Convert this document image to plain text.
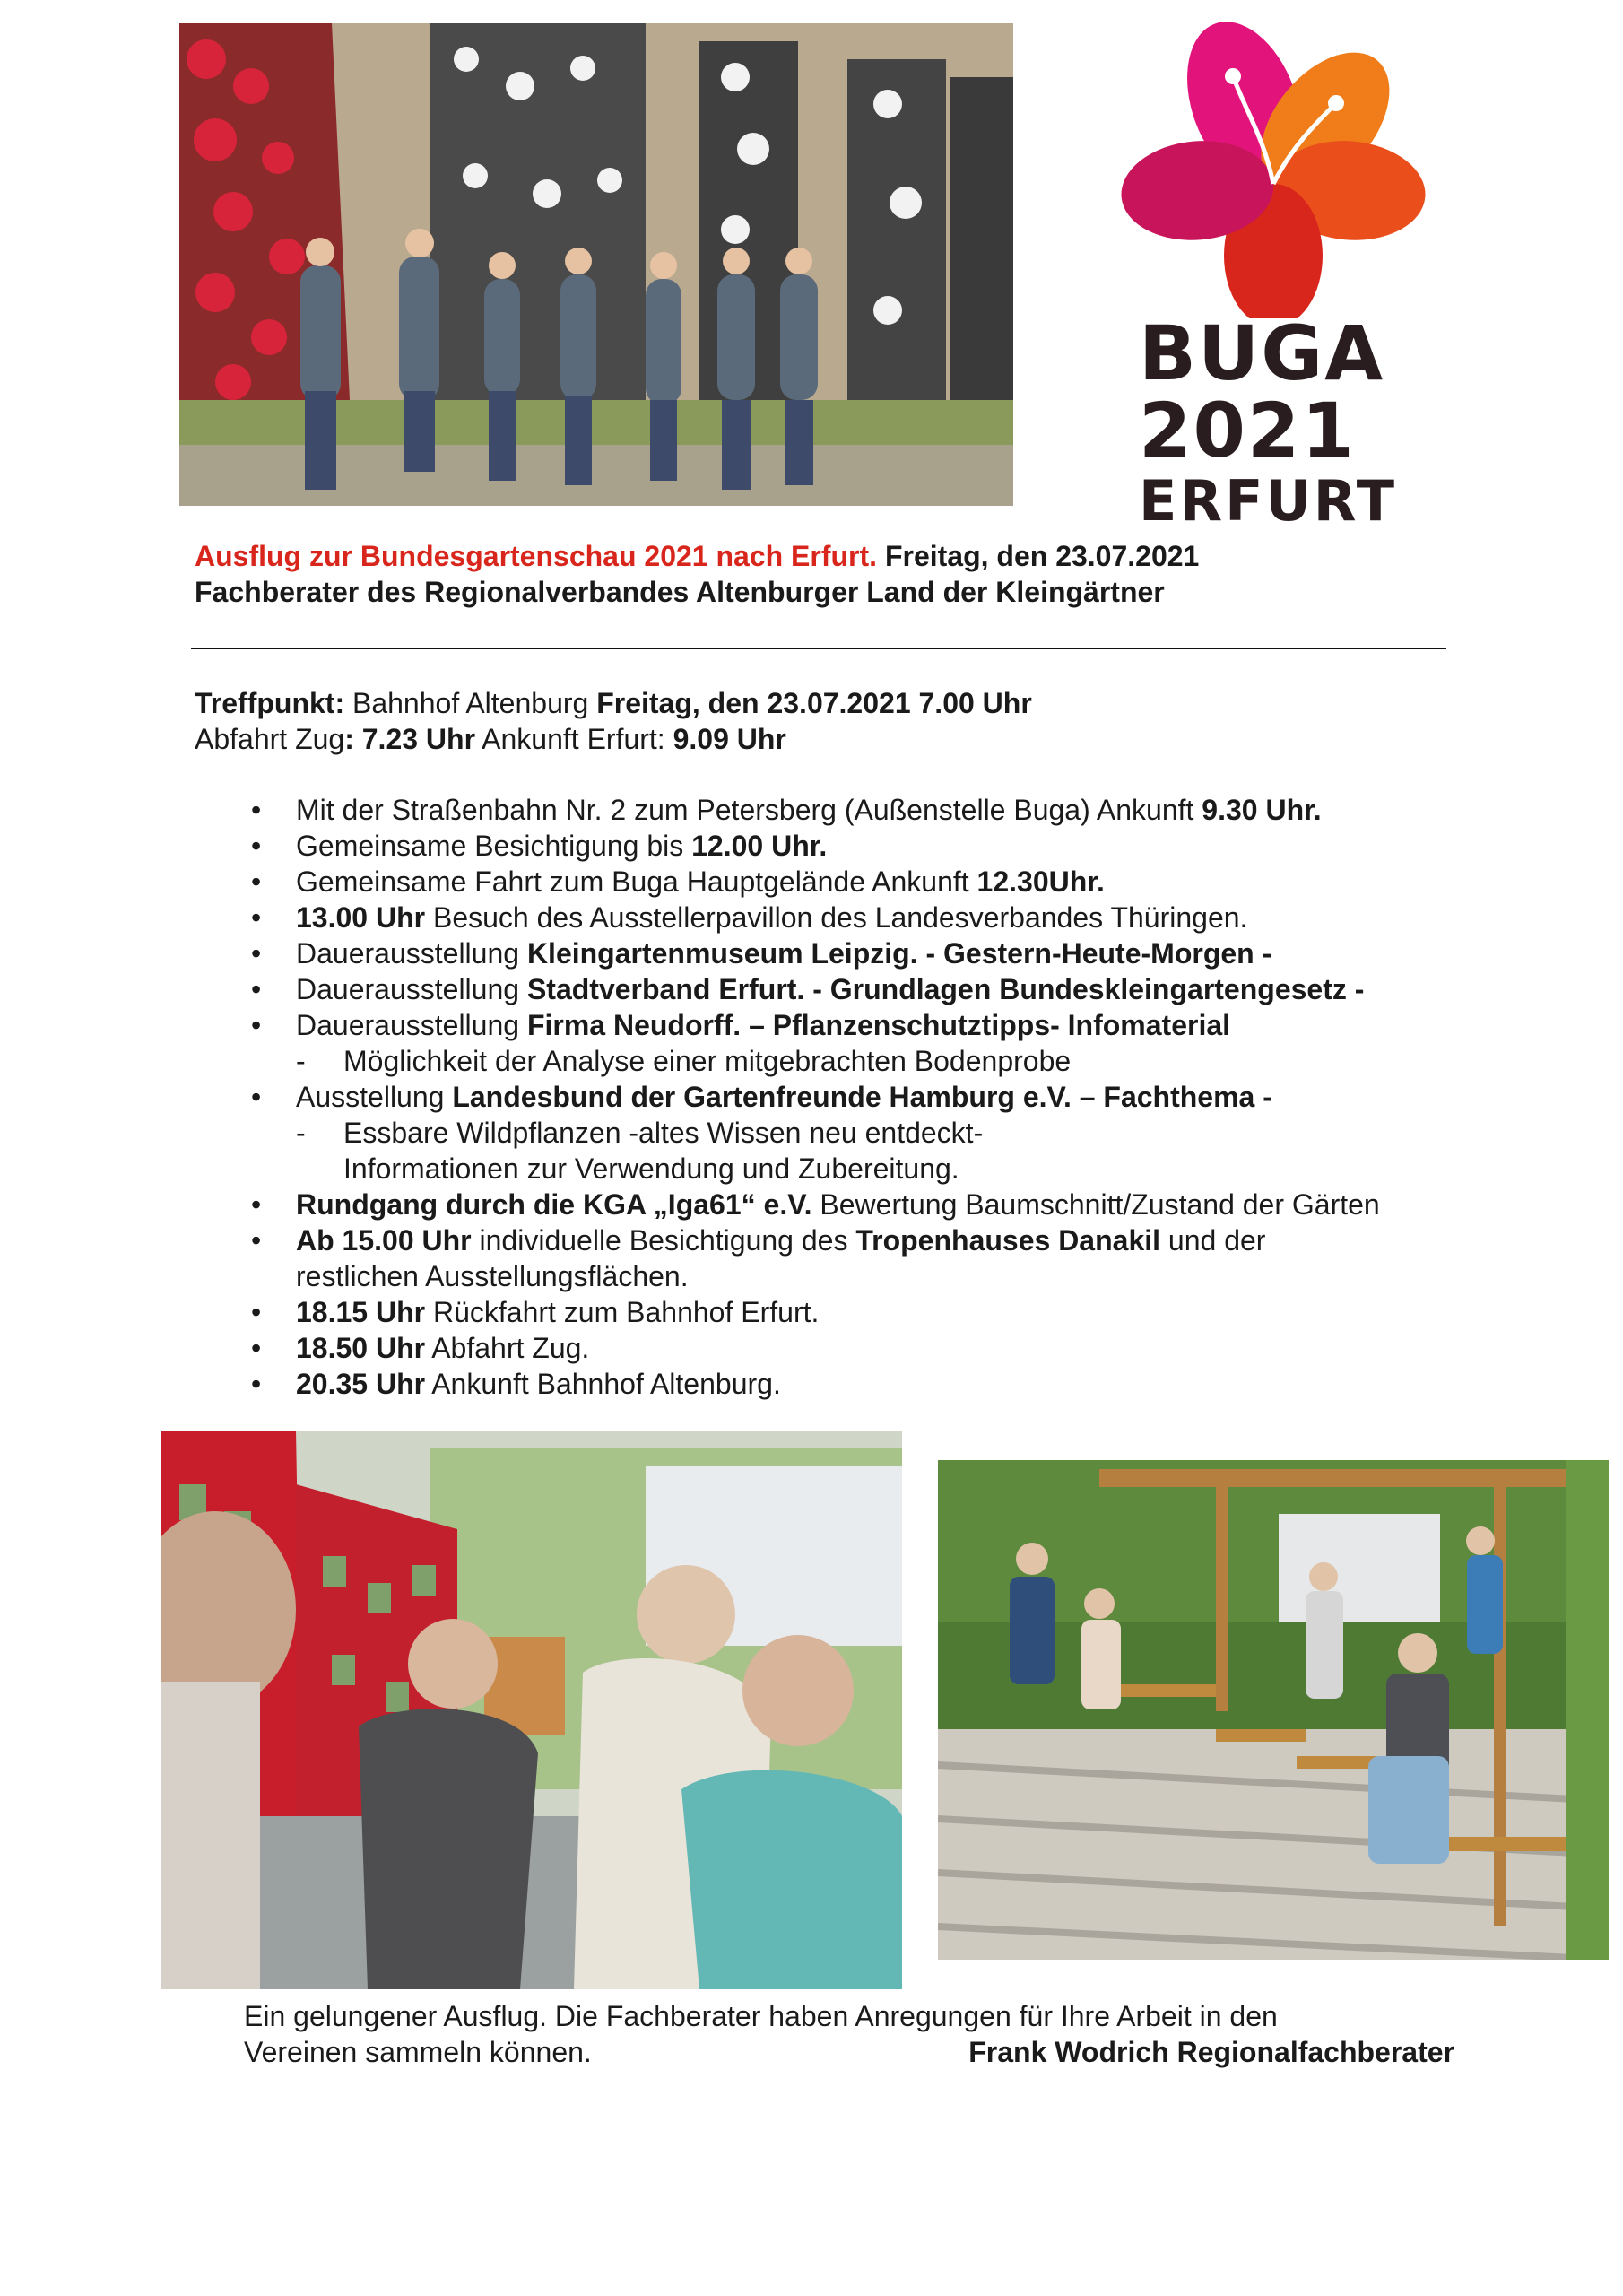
BUGA
2021
ERFURT
Ausflug zur Bundesgartenschau 2021 nach Erfurt. Freitag, den 23.07.2021
Fachberater des Regionalverbandes Altenburger Land der Kleingärtner
Treffpunkt: Bahnhof Altenburg Freitag, den 23.07.2021 7.00 Uhr
Abfahrt Zug: 7.23 Uhr Ankunft Erfurt: 9.09 Uhr
• Mit der Straßenbahn Nr. 2 zum Petersberg (Außenstelle Buga) Ankunft 9.30 Uhr.
• Gemeinsame Besichtigung bis 12.00 Uhr.
• Gemeinsame Fahrt zum Buga Hauptgelände Ankunft 12.30Uhr.
• 13.00 Uhr Besuch des Ausstellerpavillon des Landesverbandes Thüringen.
• Dauerausstellung Kleingartenmuseum Leipzig. - Gestern-Heute-Morgen -
• Dauerausstellung Stadtverband Erfurt. - Grundlagen Bundeskleingartengesetz -
• Dauerausstellung Firma Neudorff. – Pflanzenschutztipps- Infomaterial
- Möglichkeit der Analyse einer mitgebrachten Bodenprobe
• Ausstellung Landesbund der Gartenfreunde Hamburg e.V. – Fachthema -
- Essbare Wildpflanzen -altes Wissen neu entdeckt-
Informationen zur Verwendung und Zubereitung.
• Rundgang durch die KGA „Iga61“ e.V. Bewertung Baumschnitt/Zustand der Gärten
• Ab 15.00 Uhr individuelle Besichtigung des Tropenhauses Danakil und der
restlichen Ausstellungsflächen.
• 18.15 Uhr Rückfahrt zum Bahnhof Erfurt.
• 18.50 Uhr Abfahrt Zug.
• 20.35 Uhr Ankunft Bahnhof Altenburg.
Ein gelungener Ausflug. Die Fachberater haben Anregungen für Ihre Arbeit in den
Vereinen sammeln können.	Frank Wodrich Regionalfachberater
